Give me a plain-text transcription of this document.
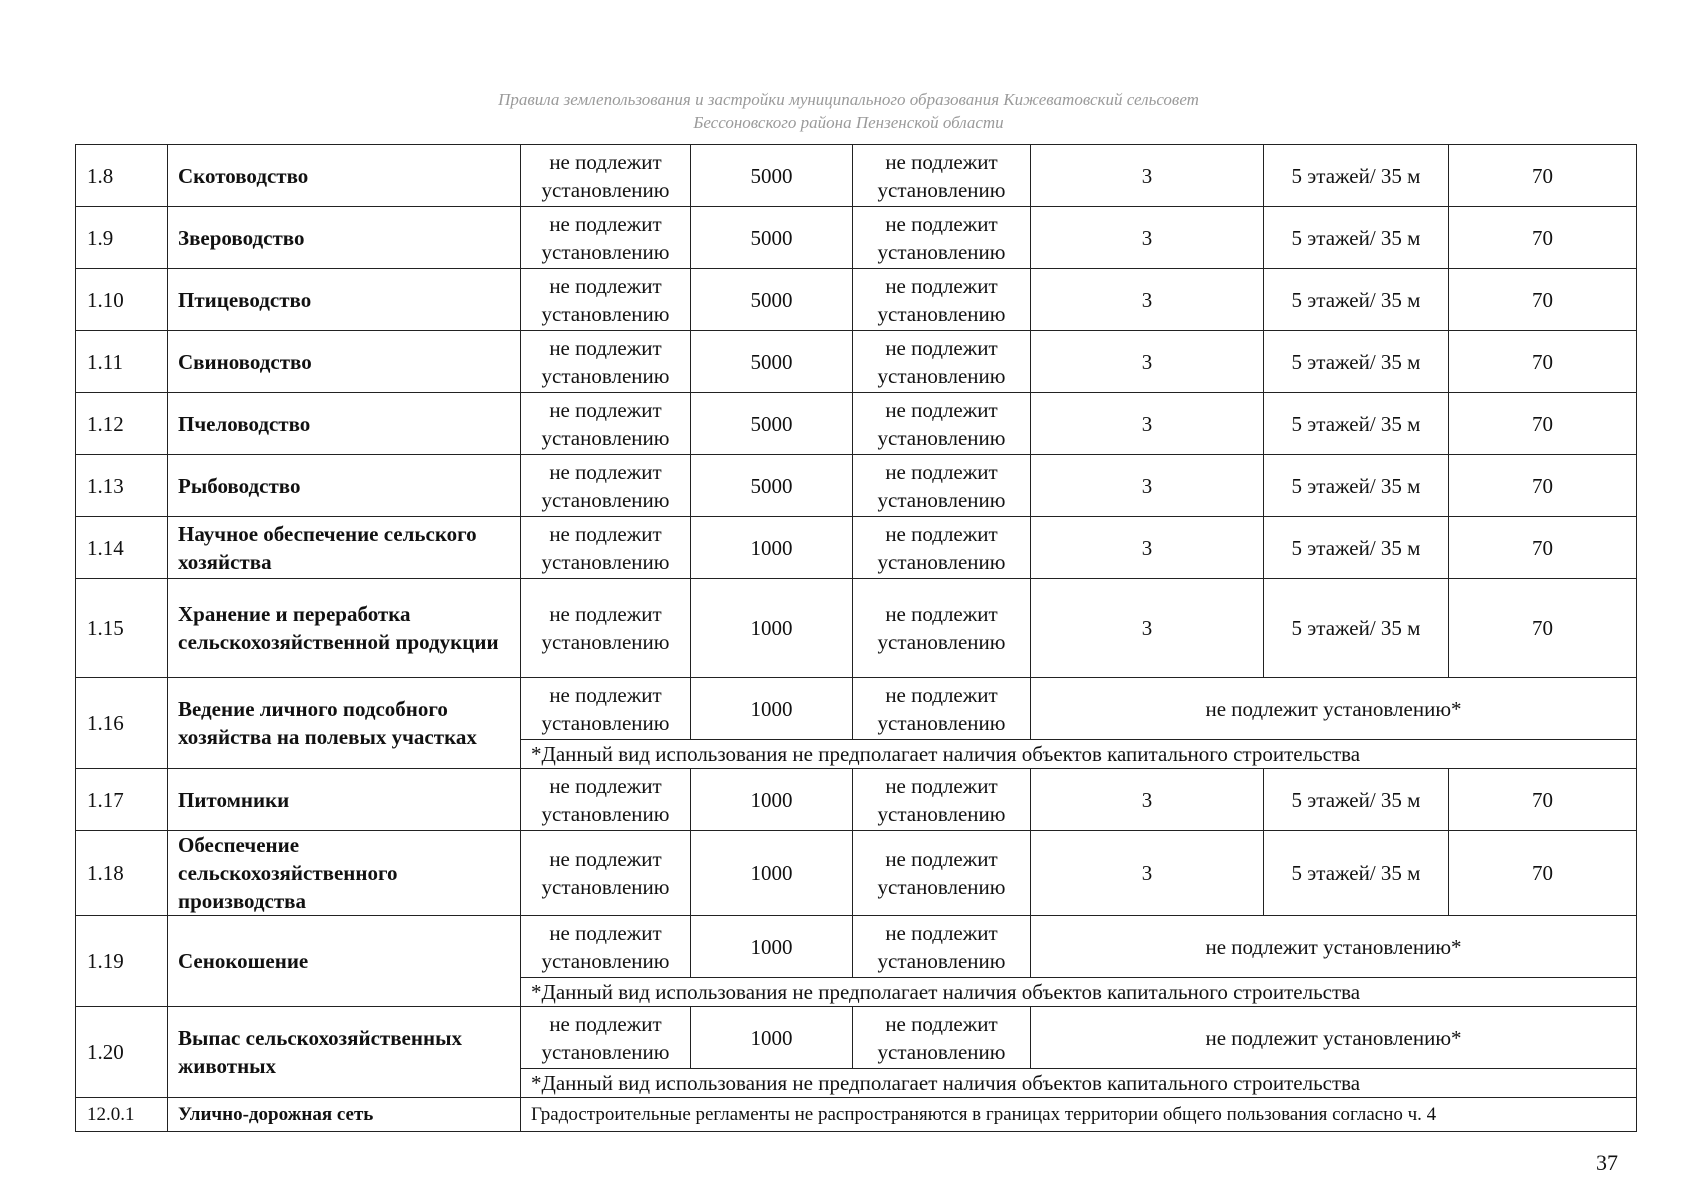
Правила землепользования и застройки муниципального образования Кижеватовский сельсовет
Бессоновского района Пензенской области
1.8	Скотоводство	не подлежит установлению	5000	не подлежит установлению	3	5 этажей/ 35 м	70
1.9	Звероводство	не подлежит установлению	5000	не подлежит установлению	3	5 этажей/ 35 м	70
1.10	Птицеводство	не подлежит установлению	5000	не подлежит установлению	3	5 этажей/ 35 м	70
1.11	Свиноводство	не подлежит установлению	5000	не подлежит установлению	3	5 этажей/ 35 м	70
1.12	Пчеловодство	не подлежит установлению	5000	не подлежит установлению	3	5 этажей/ 35 м	70
1.13	Рыбоводство	не подлежит установлению	5000	не подлежит установлению	3	5 этажей/ 35 м	70
1.14	Научное обеспечение сельского хозяйства	не подлежит установлению	1000	не подлежит установлению	3	5 этажей/ 35 м	70
1.15	Хранение и переработка сельскохозяйственной продукции	не подлежит установлению	1000	не подлежит установлению	3	5 этажей/ 35 м	70
1.16	Ведение личного подсобного хозяйства на полевых участках	не подлежит установлению	1000	не подлежит установлению	не подлежит установлению*		
		*Данный вид использования не предполагает наличия объектов капитального строительства					
1.17	Питомники	не подлежит установлению	1000	не подлежит установлению	3	5 этажей/ 35 м	70
1.18	Обеспечение сельскохозяйственного производства	не подлежит установлению	1000	не подлежит установлению	3	5 этажей/ 35 м	70
1.19	Сенокошение	не подлежит установлению	1000	не подлежит установлению	не подлежит установлению*		
		*Данный вид использования не предполагает наличия объектов капитального строительства					
1.20	Выпас сельскохозяйственных животных	не подлежит установлению	1000	не подлежит установлению	не подлежит установлению*		
		*Данный вид использования не предполагает наличия объектов капитального строительства					
12.0.1	Улично-дорожная сеть	Градостроительные регламенты не распространяются в границах территории общего пользования согласно ч. 4					
37
